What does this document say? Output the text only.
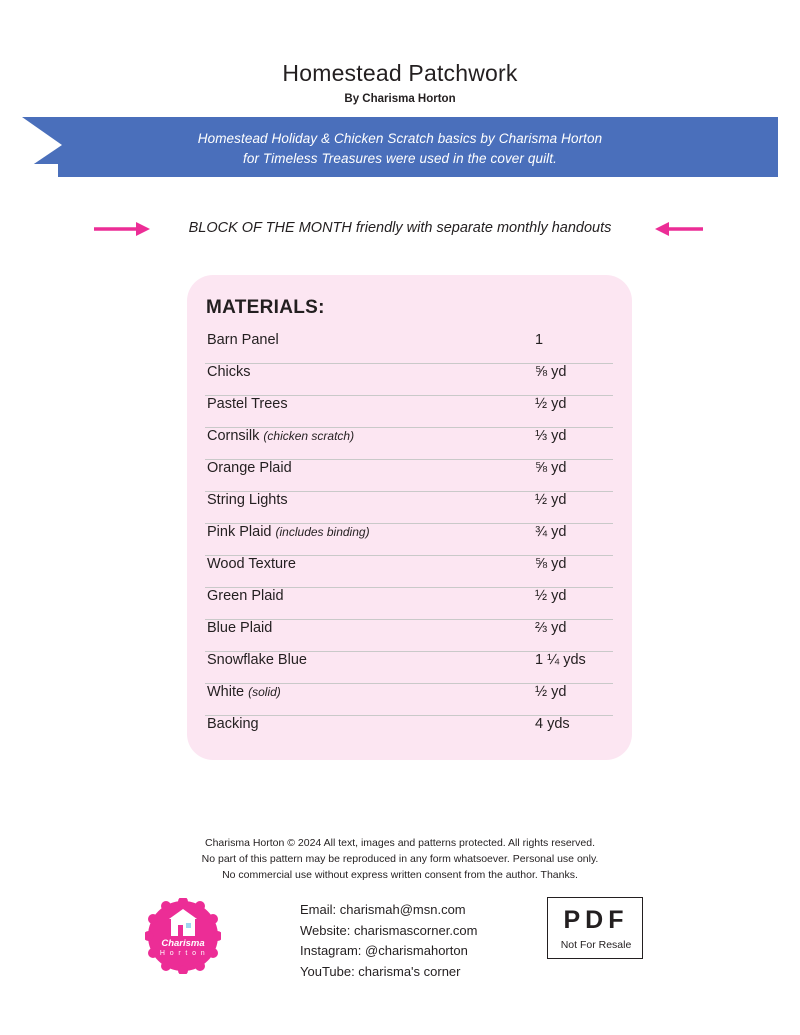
Homestead Patchwork
By Charisma Horton
Homestead Holiday & Chicken Scratch basics by Charisma Horton
for Timeless Treasures were used in the cover quilt.
BLOCK OF THE MONTH friendly with separate monthly handouts
MATERIALS:
Barn Panel	1
Chicks	⅝ yd
Pastel Trees	½ yd
Cornsilk (chicken scratch)	⅓ yd
Orange Plaid	⅝ yd
String Lights	½ yd
Pink Plaid (includes binding)	¾ yd
Wood Texture	⅝ yd
Green Plaid	½ yd
Blue Plaid	⅔ yd
Snowflake Blue	1 ¼ yds
White (solid)	½ yd
Backing	4 yds
Charisma Horton © 2024 All text, images and patterns protected. All rights reserved.
No part of this pattern may be reproduced in any form whatsoever. Personal use only.
No commercial use without express written consent from the author. Thanks.
Charisma
H o r t o n
Email: charismah@msn.com
Website: charismascorner.com
Instagram: @charismahorton
YouTube: charisma's corner
PDF
Not For Resale
